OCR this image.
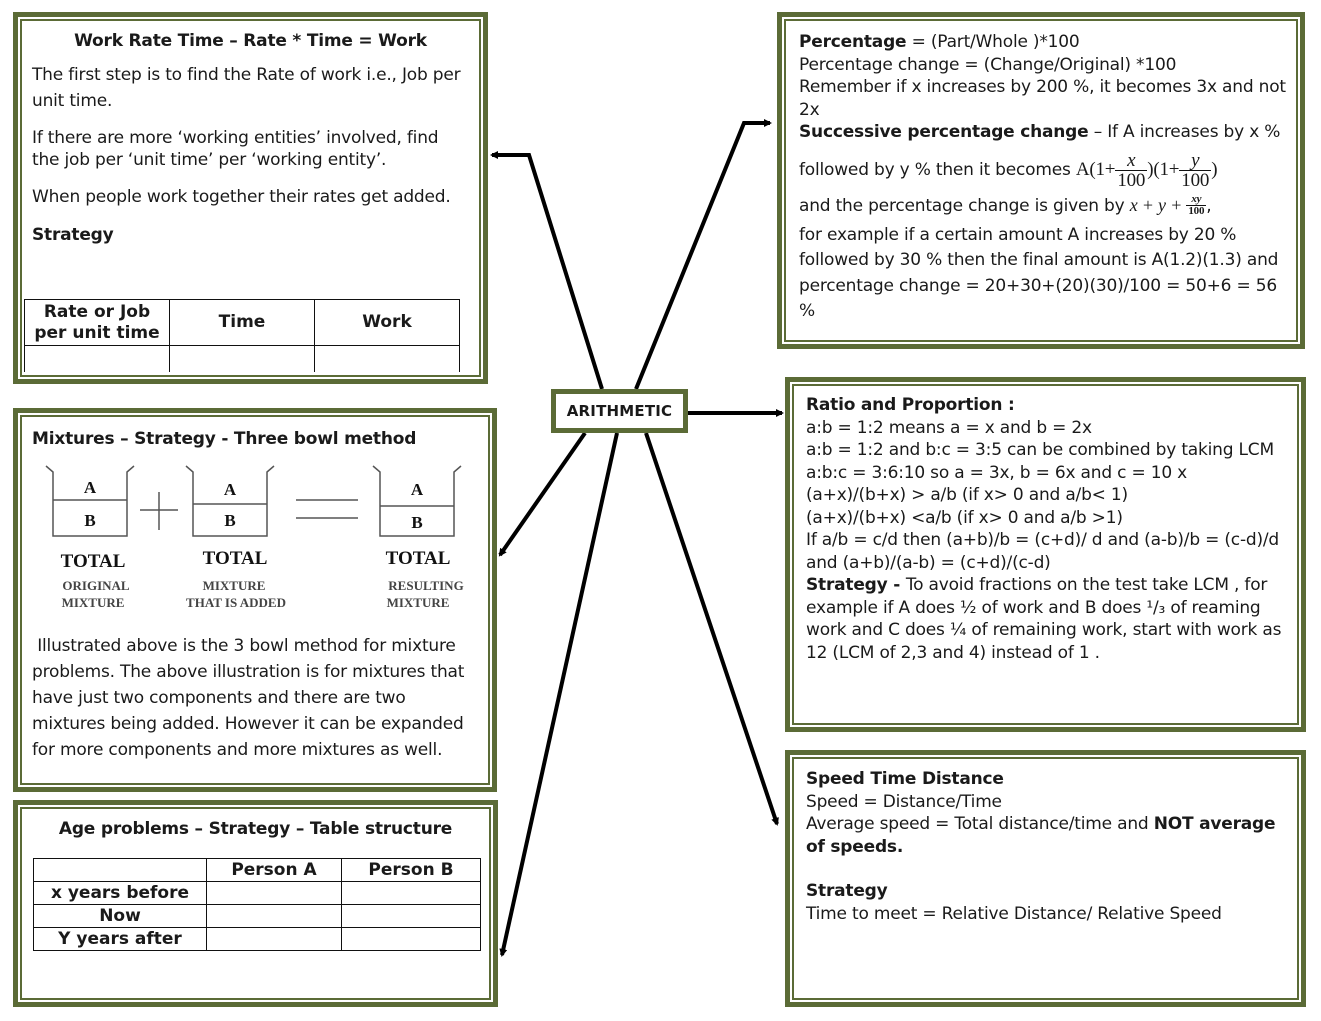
ARITHMETIC

Work Rate Time – Rate * Time = Work

The first step is to find the Rate of work i.e., Job per unit time.

If there are more ‘working entities’ involved, find the job per ‘unit time’ per ‘working entity’.

When people work together their rates get added.

Strategy

Rate or Job per unit time	Time	Work

Mixtures – Strategy - Three bowl method

A
B
A
B
A
B
TOTAL	TOTAL	TOTAL
ORIGINAL
MIXTURE
MIXTURE
THAT IS ADDED
RESULTING
MIXTURE

Illustrated above is the 3 bowl method for mixture problems. The above illustration is for mixtures that have just two components and there are two mixtures being added. However it can be expanded for more components and more mixtures as well.

Age problems – Strategy – Table structure

	Person A	Person B
x years before		
Now		
Y years after		

Percentage = (Part/Whole )*100

Percentage change = (Change/Original) *100

Remember if x increases by 200 %, it becomes 3x and not 2x

Successive percentage change – If A increases by x %

followed by y % then it becomes $A(1+ \frac{x}{100} )(1+ \frac{y}{100}$ )

and the percentage change is given by $x + y + \frac{xy}{100}$ ,

for example if a certain amount A increases by 20 % followed by 30 % then the final amount is A(1.2)(1.3) and percentage change = 20+30+(20)(30)/100 = 50+6 = 56 %

Ratio and Proportion :

a:b = 1:2 means a = x and b = 2x

a:b = 1:2 and b:c = 3:5 can be combined by taking LCM

a:b:c = 3:6:10 so a = 3x, b = 6x and c = 10 x

(a+x)/(b+x) > a/b (if x> 0 and a/b< 1)

(a+x)/(b+x) <a/b (if x> 0 and a/b >1)

If a/b = c/d then (a+b)/b = (c+d)/ d and (a-b)/b = (c-d)/d and (a+b)/(a-b) = (c+d)/(c-d)

Strategy - To avoid fractions on the test take LCM , for example if A does ½ of work and B does ¹/₃ of reaming work and C does ¼ of remaining work, start with work as 12 (LCM of 2,3 and 4) instead of 1 .

Speed Time Distance

Speed = Distance/Time

Average speed = Total distance/time and NOT average of speeds.

Strategy

Time to meet = Relative Distance/ Relative Speed
